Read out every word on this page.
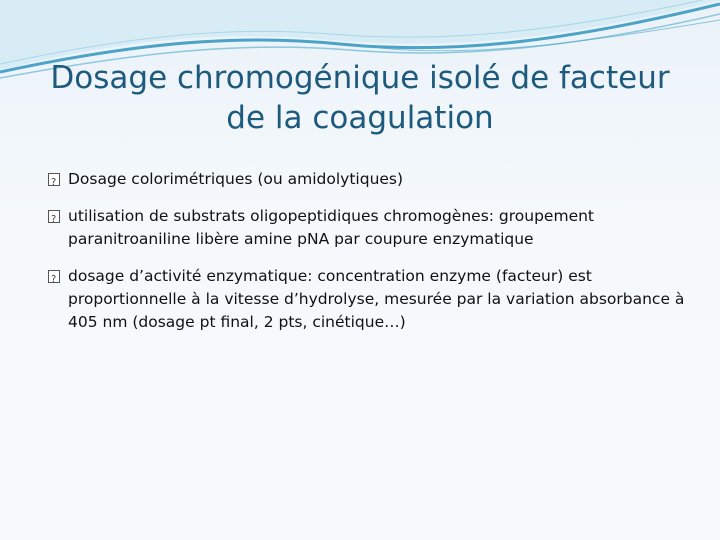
Dosage chromogénique isolé de facteur
de la coagulation
?
Dosage colorimétriques (ou amidolytiques)
?
utilisation de substrats oligopeptidiques chromogènes: groupement paranitroaniline libère amine pNA par coupure enzymatique
?
dosage d’activité enzymatique: concentration enzyme (facteur) est proportionnelle à la vitesse d’hydrolyse, mesurée par la variation absorbance à 405 nm (dosage pt final, 2 pts, cinétique…)
